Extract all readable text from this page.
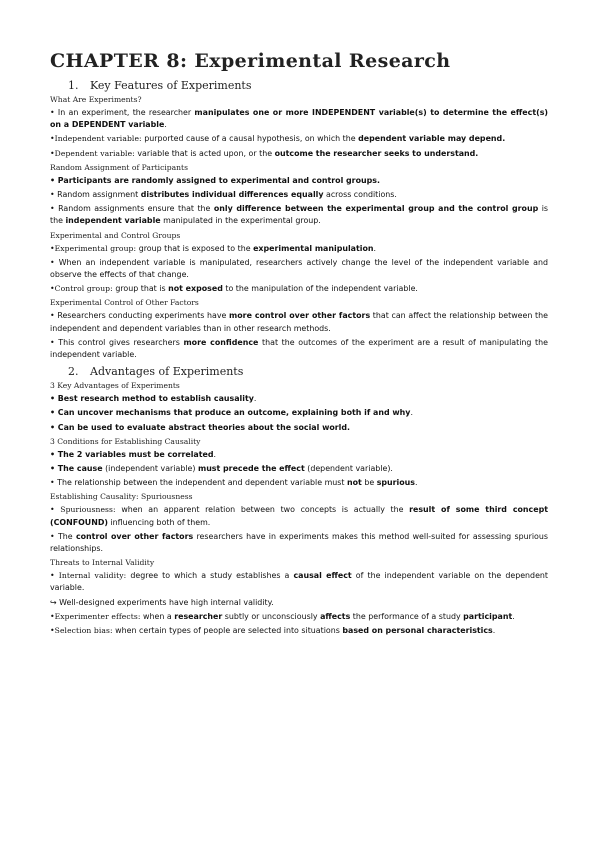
CHAPTER 8: Experimental Research
1. Key Features of Experiments
What Are Experiments?

• In an experiment, the researcher manipulates one or more INDEPENDENT variable(s) to determine the effect(s) on a DEPENDENT variable.

•Independent variable: purported cause of a causal hypothesis, on which the dependent variable may depend.

•Dependent variable: variable that is acted upon, or the outcome the researcher seeks to understand.

Random Assignment of Participants

• Participants are randomly assigned to experimental and control groups.

• Random assignment distributes individual differences equally across conditions.

• Random assignments ensure that the only difference between the experimental group and the control group is the independent variable manipulated in the experimental group.

Experimental and Control Groups

•Experimental group: group that is exposed to the experimental manipulation.

• When an independent variable is manipulated, researchers actively change the level of the independent variable and observe the effects of that change.

•Control group: group that is not exposed to the manipulation of the independent variable.

Experimental Control of Other Factors

• Researchers conducting experiments have more control over other factors that can affect the relationship between the independent and dependent variables than in other research methods.

• This control gives researchers more confidence that the outcomes of the experiment are a result of manipulating the independent variable.

2. Advantages of Experiments
3 Key Advantages of Experiments

• Best research method to establish causality.

• Can uncover mechanisms that produce an outcome, explaining both if and why.

• Can be used to evaluate abstract theories about the social world.

3 Conditions for Establishing Causality

• The 2 variables must be correlated.

• The cause (independent variable) must precede the effect (dependent variable).

• The relationship between the independent and dependent variable must not be spurious.

Establishing Causality: Spuriousness

• Spuriousness: when an apparent relation between two concepts is actually the result of some third concept (CONFOUND) influencing both of them.

• The control over other factors researchers have in experiments makes this method well-suited for assessing spurious relationships.

Threats to Internal Validity

• Internal validity: degree to which a study establishes a causal effect of the independent variable on the dependent variable.

↪ Well-designed experiments have high internal validity.

•Experimenter effects: when a researcher subtly or unconsciously affects the performance of a study participant.

•Selection bias: when certain types of people are selected into situations based on personal characteristics.
